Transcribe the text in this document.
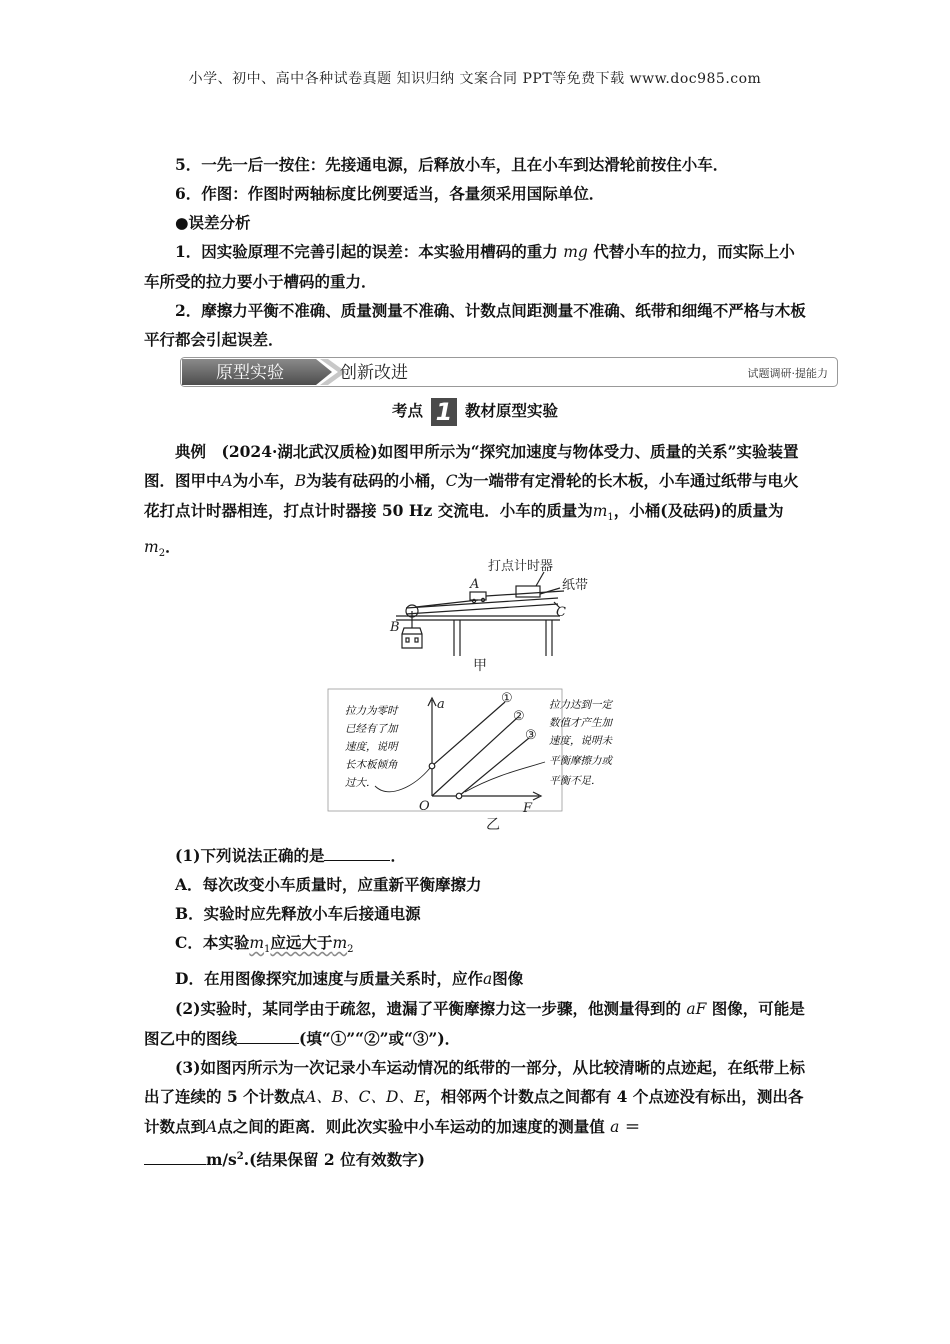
小学、初中、高中各种试卷真题 知识归纳 文案合同 PPT等免费下载 www.doc985.com

5．一先一后一按住：先接通电源，后释放小车，且在小车到达滑轮前按住小车．

6．作图：作图时两轴标度比例要适当，各量须采用国际单位．

●误差分析

1．因实验原理不完善引起的误差：本实验用槽码的重力 mg 代替小车的拉力，而实际上小车所受的拉力要小于槽码的重力．

2．摩擦力平衡不准确、质量测量不准确、计数点间距测量不准确、纸带和细绳不严格与木板平行都会引起误差．

原型实验	创新改进	试题调研·提能力
考点 1 教材原型实验

典例　(2024·湖北武汉质检)如图甲所示为“探究加速度与物体受力、质量的关系”实验装置图．图甲中A为小车，B为装有砝码的小桶，C为一端带有定滑轮的长木板，小车通过纸带与电火花打点计时器相连，打点计时器接 50 Hz 交流电．小车的质量为$m_1$，小桶(及砝码)的质量为$m_2$．

打点计时器
纸带
A
B
C
甲
a
F
O
①
②
③
拉力为零时
已经有了加
速度，说明
长木板倾角
过大．
拉力达到一定
数值才产生加
速度，说明未
平衡摩擦力或
平衡不足．
乙

(1)下列说法正确的是	．

A．每次改变小车质量时，应重新平衡摩擦力

B．实验时应先释放小车后接通电源

C．本实验$m_1$应远大于$m_2$

D．在用图像探究加速度与质量关系时，应作a图像

(2)实验时，某同学由于疏忽，遗漏了平衡摩擦力这一步骤，他测量得到的 aF 图像，可能是图乙中的图线	(填“①”“②”或“③”)．

(3)如图丙所示为一次记录小车运动情况的纸带的一部分，从比较清晰的点迹起，在纸带上标出了连续的 5 个计数点A、B、C、D、E，相邻两个计数点之间都有 4 个点迹没有标出，测出各计数点到A点之间的距离．则此次实验中小车运动的加速度的测量值 a ＝
$m/s^2$.(结果保留 2 位有效数字)
